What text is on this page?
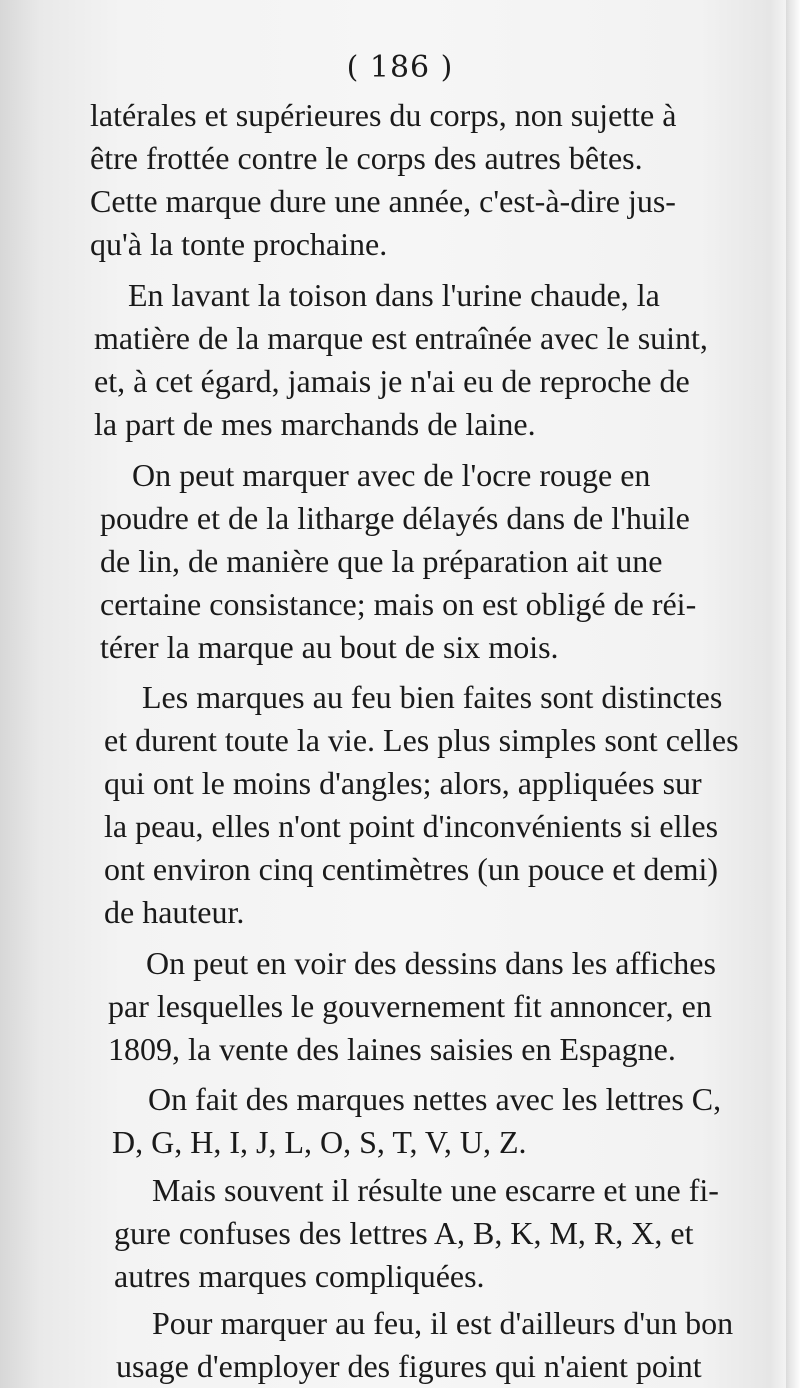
( 186 )
latérales et supérieures du corps, non sujette à
être frottée contre le corps des autres bêtes.
Cette marque dure une année, c'est-à-dire jus-
qu'à la tonte prochaine.
En lavant la toison dans l'urine chaude, la
matière de la marque est entraînée avec le suint,
et, à cet égard, jamais je n'ai eu de reproche de
la part de mes marchands de laine.
On peut marquer avec de l'ocre rouge en
poudre et de la litharge délayés dans de l'huile
de lin, de manière que la préparation ait une
certaine consistance; mais on est obligé de réi-
térer la marque au bout de six mois.
Les marques au feu bien faites sont distinctes
et durent toute la vie. Les plus simples sont celles
qui ont le moins d'angles; alors, appliquées sur
la peau, elles n'ont point d'inconvénients si elles
ont environ cinq centimètres (un pouce et demi)
de hauteur.
On peut en voir des dessins dans les affiches
par lesquelles le gouvernement fit annoncer, en
1809, la vente des laines saisies en Espagne.
On fait des marques nettes avec les lettres C,
D, G, H, I, J, L, O, S, T, V, U, Z.
Mais souvent il résulte une escarre et une fi-
gure confuses des lettres A, B, K, M, R, X, et
autres marques compliquées.
Pour marquer au feu, il est d'ailleurs d'un bon
usage d'employer des figures qui n'aient point
